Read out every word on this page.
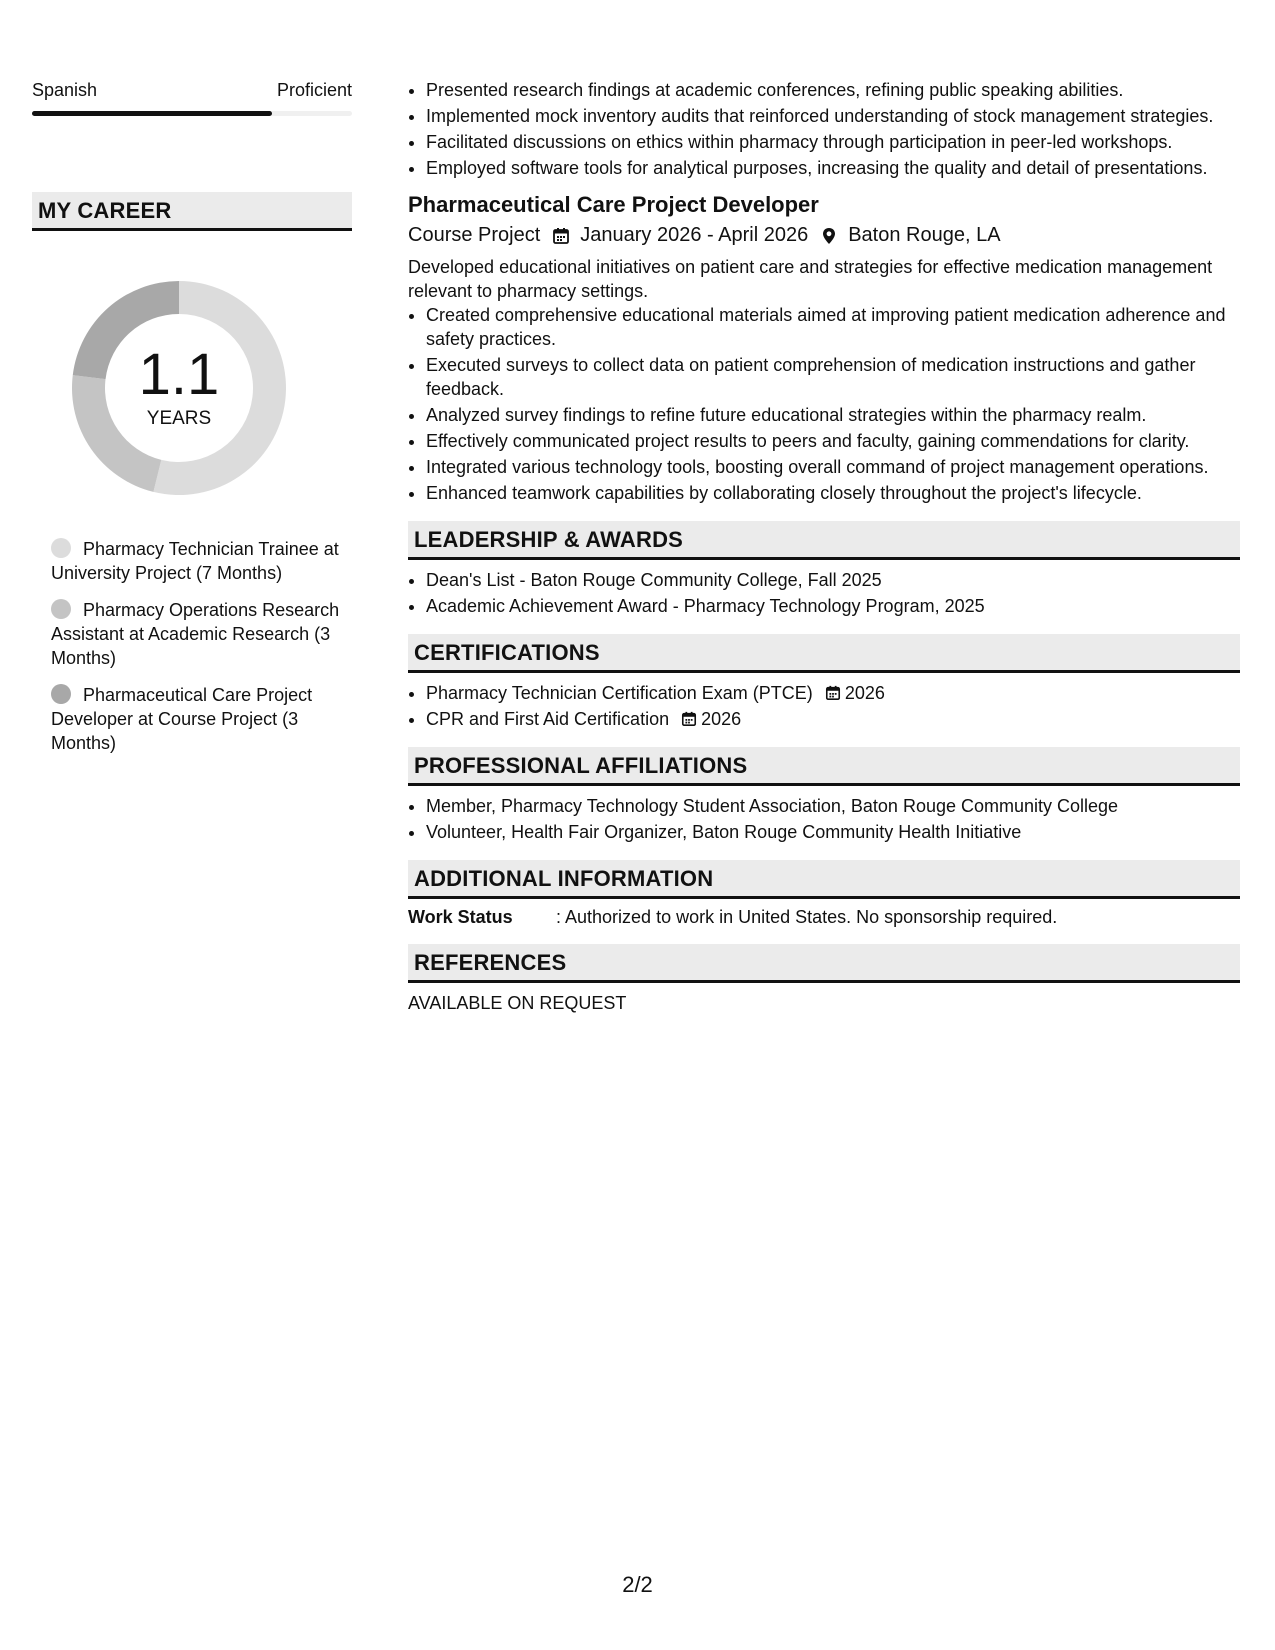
Spanish	Proficient
MY CAREER
1.1
YEARS
Pharmacy Technician Trainee at University Project (7 Months)
Pharmacy Operations Research Assistant at Academic Research (3 Months)
Pharmaceutical Care Project Developer at Course Project (3 Months)
• Presented research findings at academic conferences, refining public speaking abilities.
• Implemented mock inventory audits that reinforced understanding of stock management strategies.
• Facilitated discussions on ethics within pharmacy through participation in peer-led workshops.
• Employed software tools for analytical purposes, increasing the quality and detail of presentations.
Pharmaceutical Care Project Developer
Course Project January 2026 - April 2026 Baton Rouge, LA
Developed educational initiatives on patient care and strategies for effective medication management relevant to pharmacy settings.
• Created comprehensive educational materials aimed at improving patient medication adherence and safety practices.
• Executed surveys to collect data on patient comprehension of medication instructions and gather feedback.
• Analyzed survey findings to refine future educational strategies within the pharmacy realm.
• Effectively communicated project results to peers and faculty, gaining commendations for clarity.
• Integrated various technology tools, boosting overall command of project management operations.
• Enhanced teamwork capabilities by collaborating closely throughout the project's lifecycle.
LEADERSHIP & AWARDS
• Dean's List - Baton Rouge Community College, Fall 2025
• Academic Achievement Award - Pharmacy Technology Program, 2025
CERTIFICATIONS
• Pharmacy Technician Certification Exam (PTCE) 2026
• CPR and First Aid Certification 2026
PROFESSIONAL AFFILIATIONS
• Member, Pharmacy Technology Student Association, Baton Rouge Community College
• Volunteer, Health Fair Organizer, Baton Rouge Community Health Initiative
ADDITIONAL INFORMATION
Work Status	: Authorized to work in United States. No sponsorship required.
REFERENCES
AVAILABLE ON REQUEST
2/2
